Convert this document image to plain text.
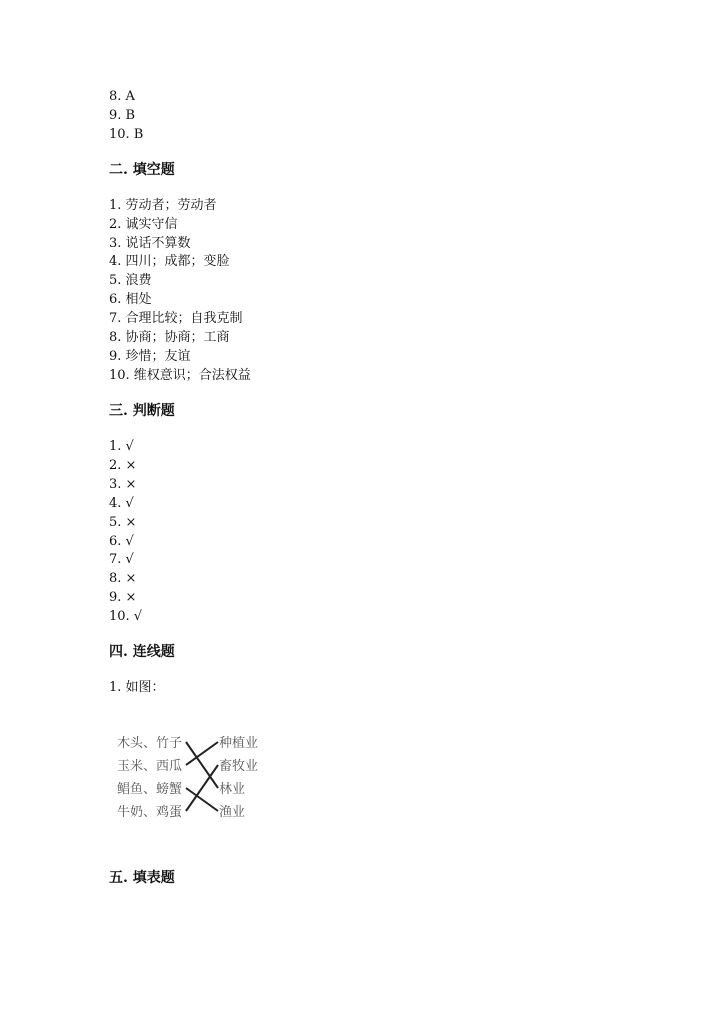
8. A
9. B
10. B
二. 填空题
1. 劳动者；劳动者
2. 诚实守信
3. 说话不算数
4. 四川；成都；变脸
5. 浪费
6. 相处
7. 合理比较；自我克制
8. 协商；协商；工商
9. 珍惜；友谊
10. 维权意识；合法权益
三. 判断题
1. √
2. ×
3. ×
4. √
5. ×
6. √
7. √
8. ×
9. ×
10. √
四. 连线题
1. 如图：
木头、竹子
玉米、西瓜
鲳鱼、螃蟹
牛奶、鸡蛋
种植业
畜牧业
林业
渔业
五. 填表题
